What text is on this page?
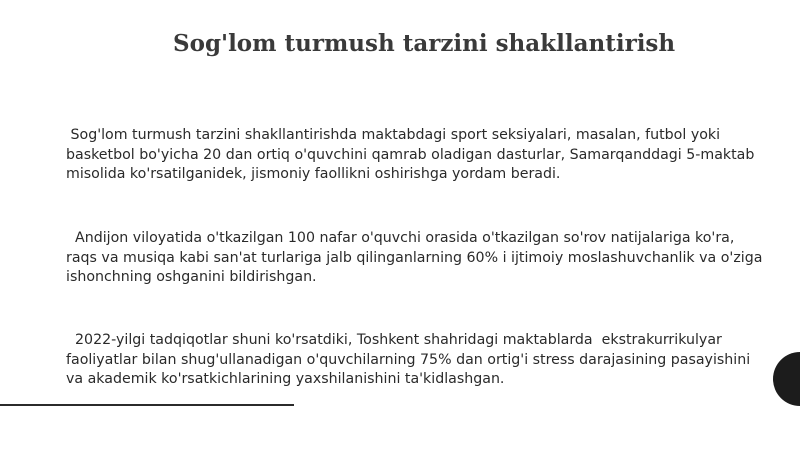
Sog'lom turmush tarzini shakllantirish

Sog'lom turmush tarzini shakllantirishda maktabdagi sport seksiyalari, masalan, futbol yoki basketbol bo'yicha 20 dan ortiq o'quvchini qamrab oladigan dasturlar, Samarqanddagi 5-maktab misolida ko'rsatilganidek, jismoniy faollikni oshirishga yordam beradi.

Andijon viloyatida o'tkazilgan 100 nafar o'quvchi orasida o'tkazilgan so'rov natijalariga ko'ra, raqs va musiqa kabi san'at turlariga jalb qilinganlarning 60% i ijtimoiy moslashuvchanlik va o'ziga ishonchning oshganini bildirishgan.

2022-yilgi tadqiqotlar shuni ko'rsatdiki, Toshkent shahridagi maktablarda  ekstrakurrikulyar faoliyatlar bilan shug'ullanadigan o'quvchilarning 75% dan ortig'i stress darajasining pasayishini va akademik ko'rsatkichlarining yaxshilanishini ta'kidlashgan.
